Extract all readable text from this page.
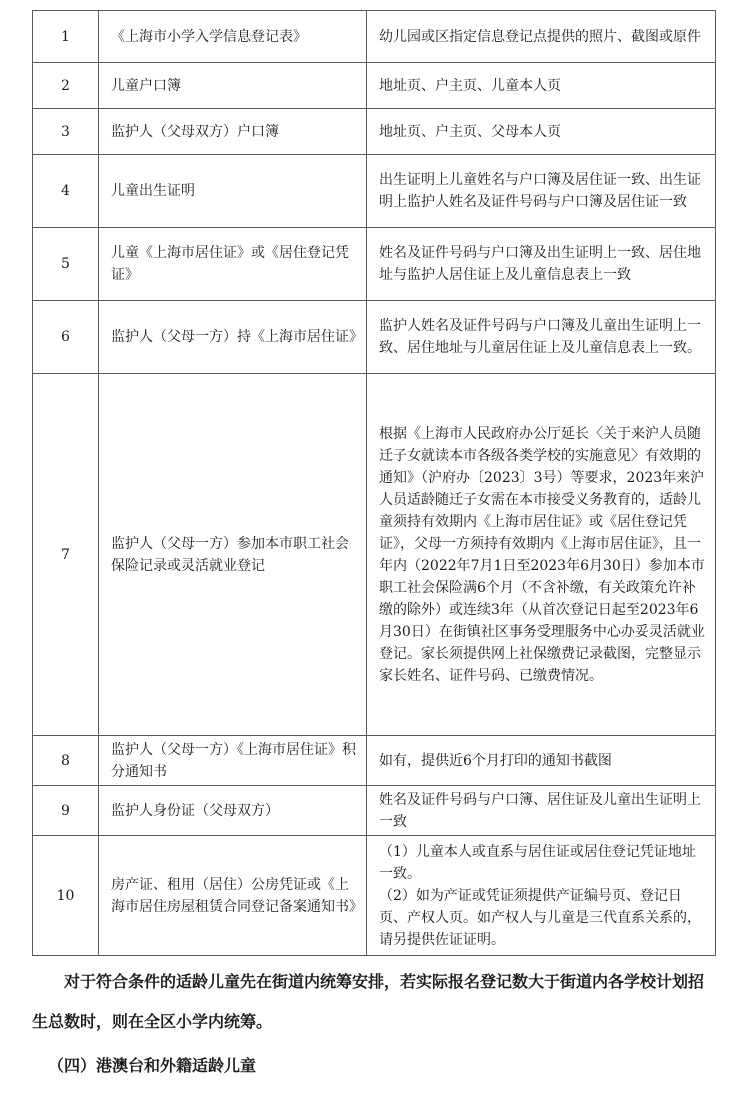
1	《上海市小学入学信息登记表》	幼儿园或区指定信息登记点提供的照片、截图或原件

2	儿童户口簿	地址页、户主页、儿童本人页

3	监护人（父母双方）户口簿	地址页、户主页、父母本人页

4	儿童出生证明	出生证明上儿童姓名与户口簿及居住证一致、出生证明上监护人姓名及证件号码与户口簿及居住证一致

5	儿童《上海市居住证》或《居住登记凭证》	姓名及证件号码与户口簿及出生证明上一致、居住地址与监护人居住证上及儿童信息表上一致

6	监护人（父母一方）持《上海市居住证》	监护人姓名及证件号码与户口簿及儿童出生证明上一致、居住地址与儿童居住证上及儿童信息表上一致。

7	监护人（父母一方）参加本市职工社会保险记录或灵活就业登记	根据《上海市人民政府办公厅延长〈关于来沪人员随迁子女就读本市各级各类学校的实施意见〉有效期的通知》（沪府办〔2023〕3号）等要求，2023年来沪人员适龄随迁子女需在本市接受义务教育的，适龄儿童须持有效期内《上海市居住证》或《居住登记凭证》，父母一方须持有效期内《上海市居住证》，且一年内（2022年7月1日至2023年6月30日）参加本市职工社会保险满6个月（不含补缴，有关政策允许补缴的除外）或连续3年（从首次登记日起至2023年6月30日）在街镇社区事务受理服务中心办妥灵活就业登记。家长须提供网上社保缴费记录截图，完整显示家长姓名、证件号码、已缴费情况。

8	监护人（父母一方）《上海市居住证》积分通知书	如有，提供近6个月打印的通知书截图

9	监护人身份证（父母双方）	姓名及证件号码与户口簿、居住证及儿童出生证明上一致

10	房产证、租用（居住）公房凭证或《上海市居住房屋租赁合同登记备案通知书》	（1）儿童本人或直系与居住证或居住登记凭证地址一致。
（2）如为产证或凭证须提供产证编号页、登记日页、产权人页。如产权人与儿童是三代直系关系的，请另提供佐证证明。

对于符合条件的适龄儿童先在街道内统筹安排，若实际报名登记数大于街道内各学校计划招生总数时，则在全区小学内统筹。

（四）港澳台和外籍适龄儿童
